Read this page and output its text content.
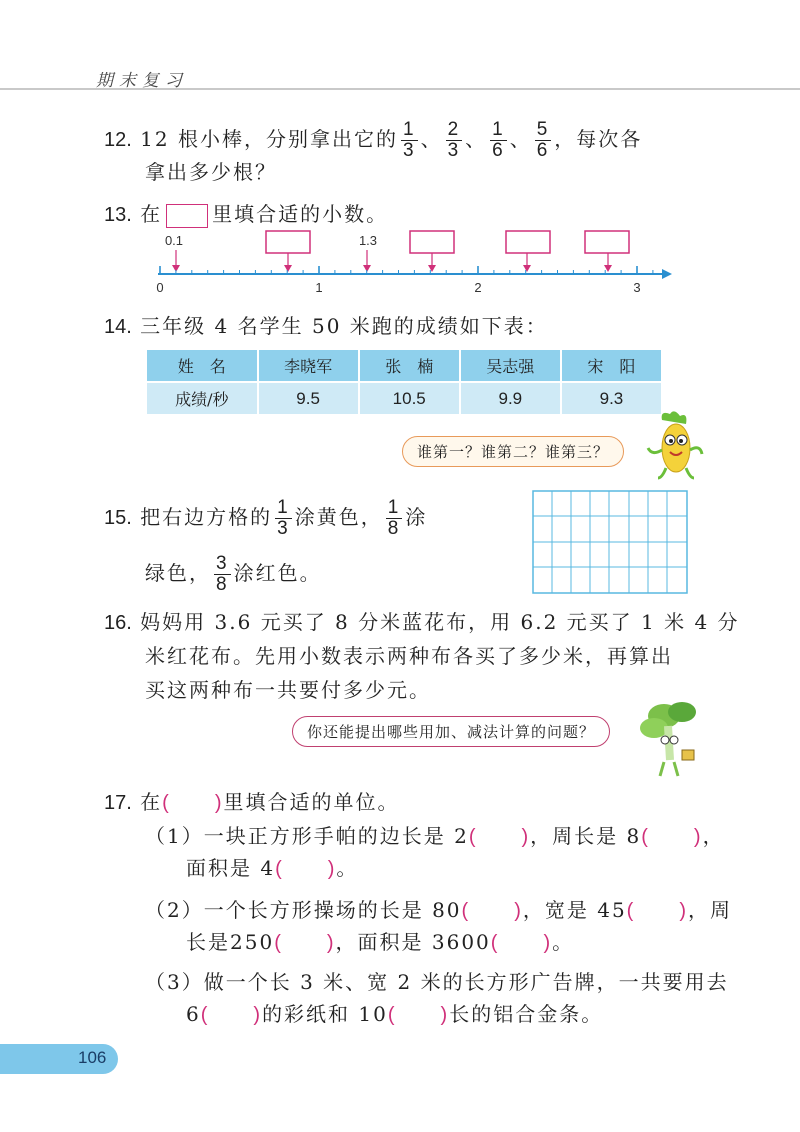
期末复习
12. 12 根小棒，分别拿出它的 $\frac{1}{3}$ 、 $\frac{2}{3}$ 、 $\frac{1}{6}$ 、 $\frac{5}{6}$ ，每次各
拿出多少根？
13. 在	里填合适的小数。
0.1	1.3
0	1	2	3
14. 三年级 4 名学生 50 米跑的成绩如下表：
姓　名	李晓军	张　楠	吴志强	宋　阳
成绩/秒	9.5	10.5	9.9	9.3
谁第一？谁第二？谁第三？
15. 把右边方格的 $\frac{1}{3}$ 涂黄色， $\frac{1}{8}$ 涂
绿色， $\frac{3}{8}$ 涂红色。
16. 妈妈用 3.6 元买了 8 分米蓝花布，用 6.2 元买了 1 米 4 分
米红花布。先用小数表示两种布各买了多少米，再算出
买这两种布一共要付多少元。
你还能提出哪些用加、减法计算的问题？
17. 在(　　)里填合适的单位。
（1）一块正方形手帕的边长是 2(　　)，周长是 8(　　)，
面积是 4(　　)。
（2）一个长方形操场的长是 80(　　)，宽是 45(　　)，周
长是250(　　)，面积是 3600(　　)。
（3）做一个长 3 米、宽 2 米的长方形广告牌，一共要用去
6(　　)的彩纸和 10(　　)长的铝合金条。
106
